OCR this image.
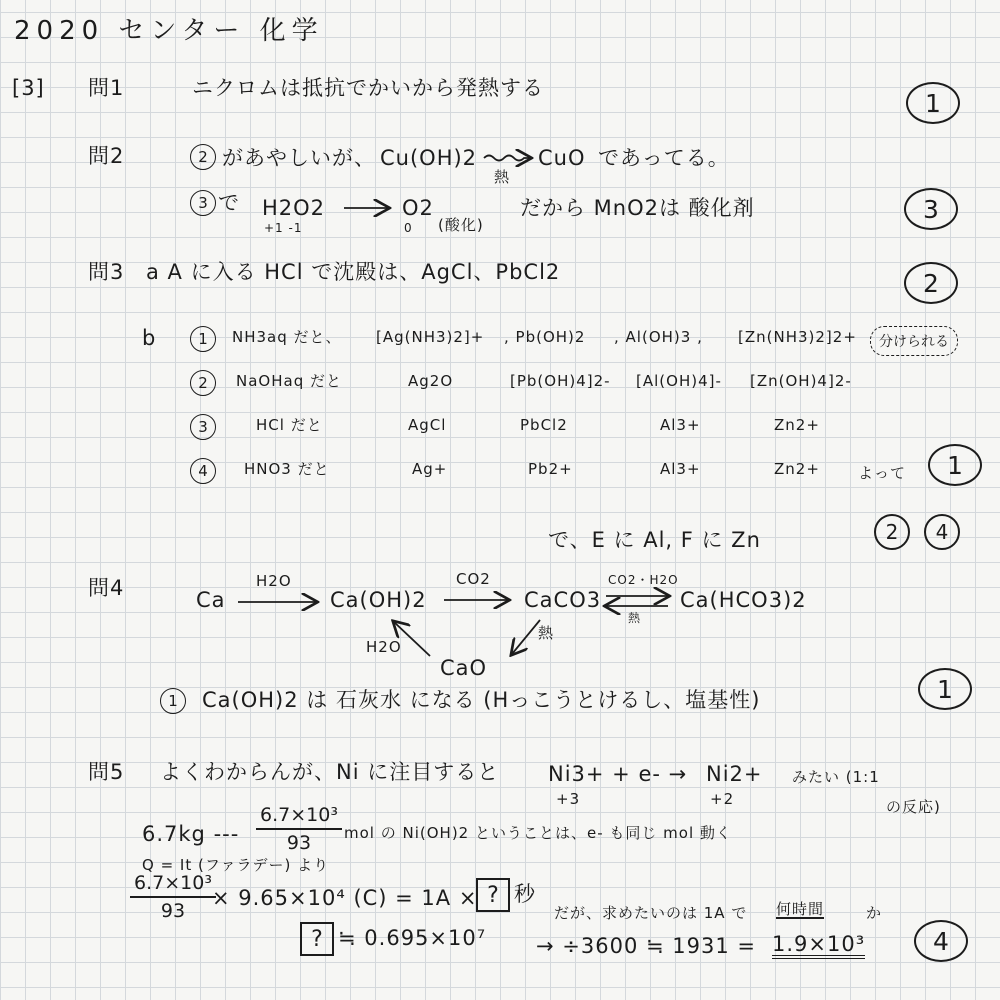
2020 センター 化学
[3] 問1	ニクロムは抵抗でかいから発熱する
1
問2	2 があやしいが、 Cu(OH)2	CuO であってる。
熱
3 で H2O2
+1 -1
O2
0 (酸化)
だから MnO2は 酸化剤	3
問3 a A に入る HCl で沈殿は、AgCl、PbCl2	2
b	1	NH3aq だと、 [Ag(NH3)2]+ , Pb(OH)2 , Al(OH)3 , [Zn(NH3)2]2+	分けられる
2	NaOHaq だと	Ag2O	[Pb(OH)4]2- [Al(OH)4]- [Zn(OH)4]2-
3	HCl だと	AgCl	PbCl2	Al3+	Zn2+
4	HNO3 だと	Ag+	Pb2+	Al3+	Zn2+	よって	1
で、E に Al, F に Zn	2	4
問4	Ca
H2O
Ca(OH)2
CO2
CaCO3
CO2・H2O
熱
Ca(HCO3)2
H2O
熱
CaO
1	Ca(OH)2 は 石灰水 になる (Hっこうとけるし、塩基性)	1
問5 よくわからんが、Ni に注目すると Ni3+ + e- →
+3
Ni2+
+2
みたい (1:1
の反応)
6.7kg --- $\frac{\text{6.7×10³}}{93}$ mol の Ni(OH)2 ということは、e- も同じ mol 動く
Q = It (ファラデー) より
$\frac{\text{6.7×10³}}{93}$
× 9.65×10⁴ (C) = 1A × ? 秒
だが、求めたいのは 1A で 何時間	か
? ≒ 0.695×10⁷ → ÷3600 ≒ 1931 = 1.9×10³	4
